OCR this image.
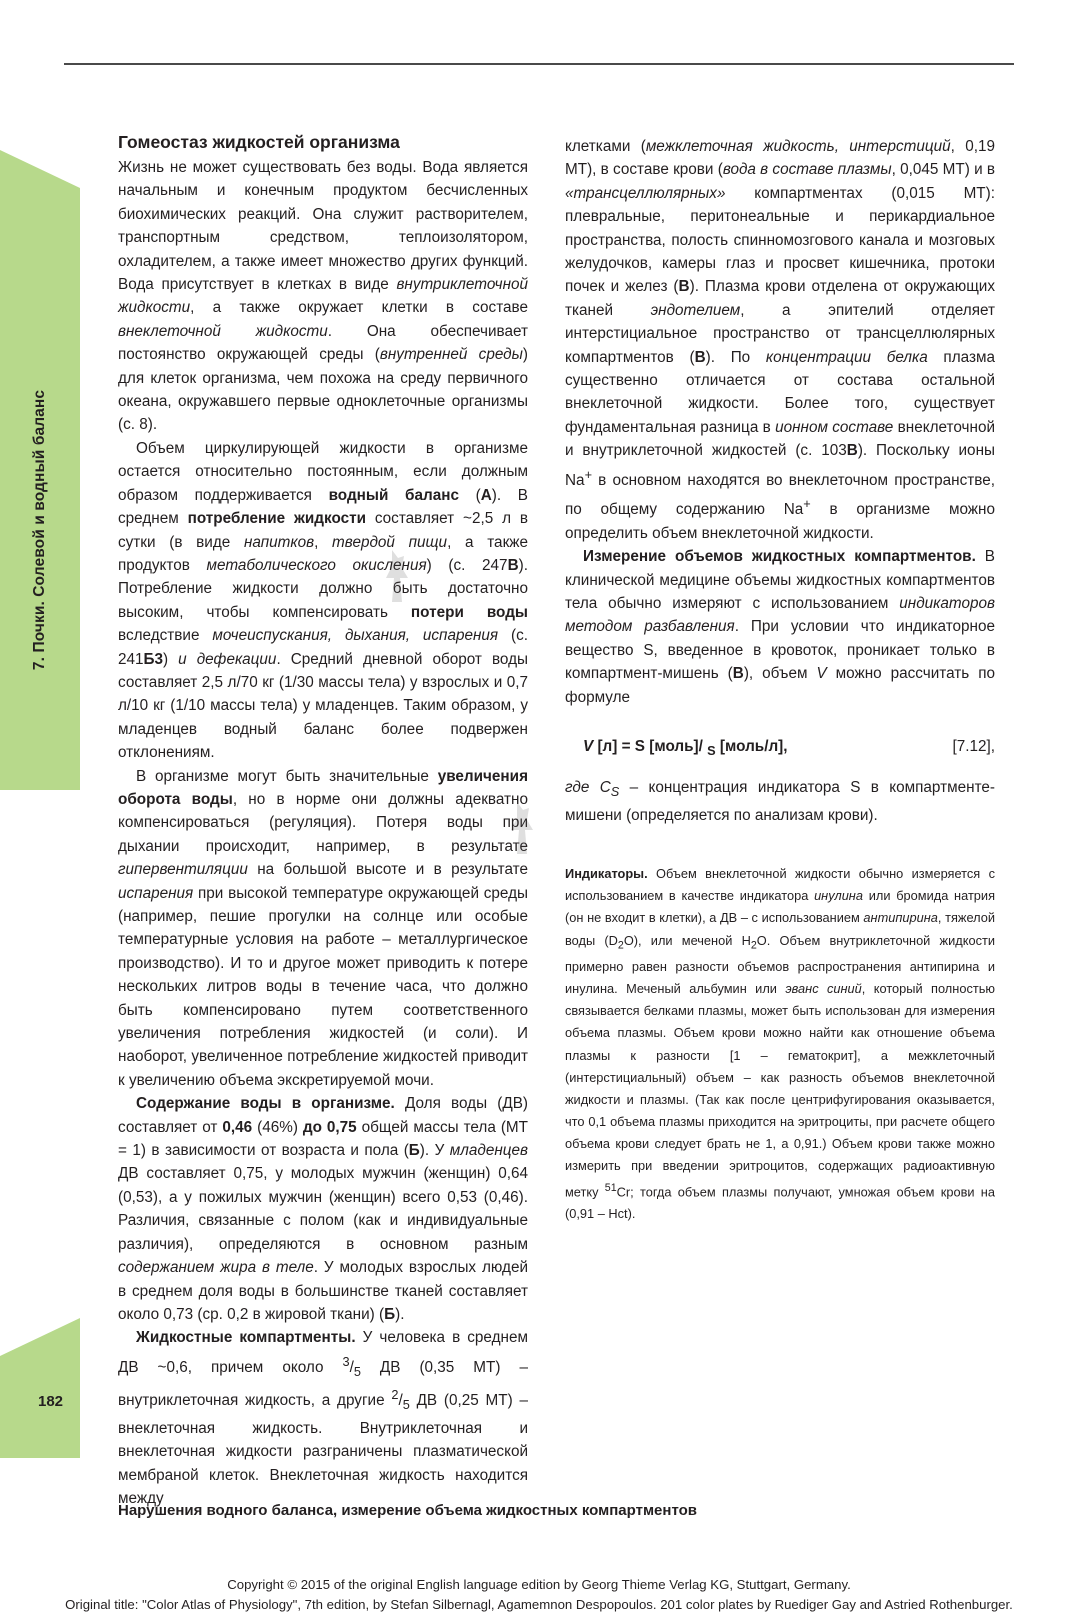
7. Почки. Солевой и водный баланс
182
Гомеостаз жидкостей организма

Жизнь не может существовать без воды. Вода является начальным и конечным продуктом бесчисленных биохимических реакций. Она служит растворителем, транспортным средством, теплоизолятором, охладителем, а также имеет множество других функций. Вода присутствует в клетках в виде внутриклеточной жидкости, а также окружает клетки в составе внеклеточной жидкости. Она обеспечивает постоянство окружающей среды (внутренней среды) для клеток организма, чем похожа на среду первичного океана, окружавшего первые одноклеточные организмы (с. 8).

Объем циркулирующей жидкости в организме остается относительно постоянным, если должным образом поддерживается водный баланс (A). В среднем потребление жидкости составляет ~2,5 л в сутки (в виде напитков, твердой пищи, а также продуктов метаболического окисления) (с. 247B). Потребление жидкости должно быть достаточно высоким, чтобы компенсировать потери воды вследствие мочеиспускания, дыхания, испарения (с. 241Б3) и дефекации. Средний дневной оборот воды составляет 2,5 л/70 кг (1/30 массы тела) у взрослых и 0,7 л/10 кг (1/10 массы тела) у младенцев. Таким образом, у младенцев водный баланс более подвержен отклонениям.

В организме могут быть значительные увеличения оборота воды, но в норме они должны адекватно компенсироваться (регуляция). Потеря воды при дыхании происходит, например, в результате гипервентиляции на большой высоте и в результате испарения при высокой температуре окружающей среды (например, пешие прогулки на солнце или особые температурные условия на работе – металлургическое производство). И то и другое может приводить к потере нескольких литров воды в течение часа, что должно быть компенсировано путем соответственного увеличения потребления жидкостей (и соли). И наоборот, увеличенное потребление жидкостей приводит к увеличению объема экскретируемой мочи.

Содержание воды в организме. Доля воды (ДВ) составляет от 0,46 (46%) до 0,75 общей массы тела (МТ = 1) в зависимости от возраста и пола (Б). У младенцев ДВ составляет 0,75, у молодых мужчин (женщин) 0,64 (0,53), а у пожилых мужчин (женщин) всего 0,53 (0,46). Различия, связанные с полом (как и индивидуальные различия), определяются в основном разным содержанием жира в теле. У молодых взрослых людей в среднем доля воды в большинстве тканей составляет около 0,73 (ср. 0,2 в жировой ткани) (Б).

Жидкостные компартменты. У человека в среднем ДВ ~0,6, причем около $^3/_5$ ДВ (0,35 МТ) – внутриклеточная жидкость, а другие $^2/_5$ ДВ (0,25 МТ) – внеклеточная жидкость. Внутриклеточная и внеклеточная жидкости разграничены плазматической мембраной клеток. Внеклеточная жидкость находится между

клетками (межклеточная жидкость, интерстиций, 0,19 МТ), в составе крови (вода в составе плазмы, 0,045 МТ) и в «трансцеллюлярных» компартментах (0,015 МТ): плевральные, перитонеальные и перикардиальное пространства, полость спинномозгового канала и мозговых желудочков, камеры глаз и просвет кишечника, протоки почек и желез (B). Плазма крови отделена от окружающих тканей эндотелием, а эпителий отделяет интерстициальное пространство от трансцеллюлярных компартментов (B). По концентрации белка плазма существенно отличается от состава остальной внеклеточной жидкости. Более того, существует фундаментальная разница в ионном составе внеклеточной и внутриклеточной жидкостей (с. 103B). Поскольку ионы Na+ в основном находятся во внеклеточном пространстве, по общему содержанию Na+ в организме можно определить объем внеклеточной жидкости.

Измерение объемов жидкостных компартментов. В клинической медицине объемы жидкостных компартментов тела обычно измеряют с использованием индикаторов методом разбавления. При условии что индикаторное вещество S, введенное в кровоток, проникает только в компартмент-мишень (B), объем V можно рассчитать по формуле

V [л] = S [моль]/ $_S$ [моль/л],	[7.12],

где $C_S$ – концентрация индикатора S в компартменте-мишени (определяется по анализам крови).

Индикаторы. Объем внеклеточной жидкости обычно измеряется с использованием в качестве индикатора инулина или бромида натрия (он не входит в клетки), а ДВ – с использованием антипирина, тяжелой воды $(D_2O)$, или меченой $H_2O$. Объем внутриклеточной жидкости примерно равен разности объемов распространения антипирина и инулина. Меченый альбумин или эванс синий, который полностью связывается белками плазмы, может быть использован для измерения объема плазмы. Объем крови можно найти как отношение объема плазмы к разности [1 – гематокрит], а межклеточный (интерстициальный) объем – как разность объемов внеклеточной жидкости и плазмы. (Так как после центрифугирования оказывается, что 0,1 объема плазмы приходится на эритроциты, при расчете общего объема крови следует брать не 1, а 0,91.) Объем крови также можно измерить при введении эритроцитов, содержащих радиоактивную метку $^{51}$Cr; тогда объем плазмы получают, умножая объем крови на (0,91 – Hct).

Нарушения водного баланса, измерение объема жидкостных компартментов
Copyright © 2015 of the original English language edition by Georg Thieme Verlag KG, Stuttgart, Germany.
Original title: "Color Atlas of Physiology", 7th edition, by Stefan Silbernagl, Agamemnon Despopoulos. 201 color plates by Ruediger Gay and Astried Rothenburger.
